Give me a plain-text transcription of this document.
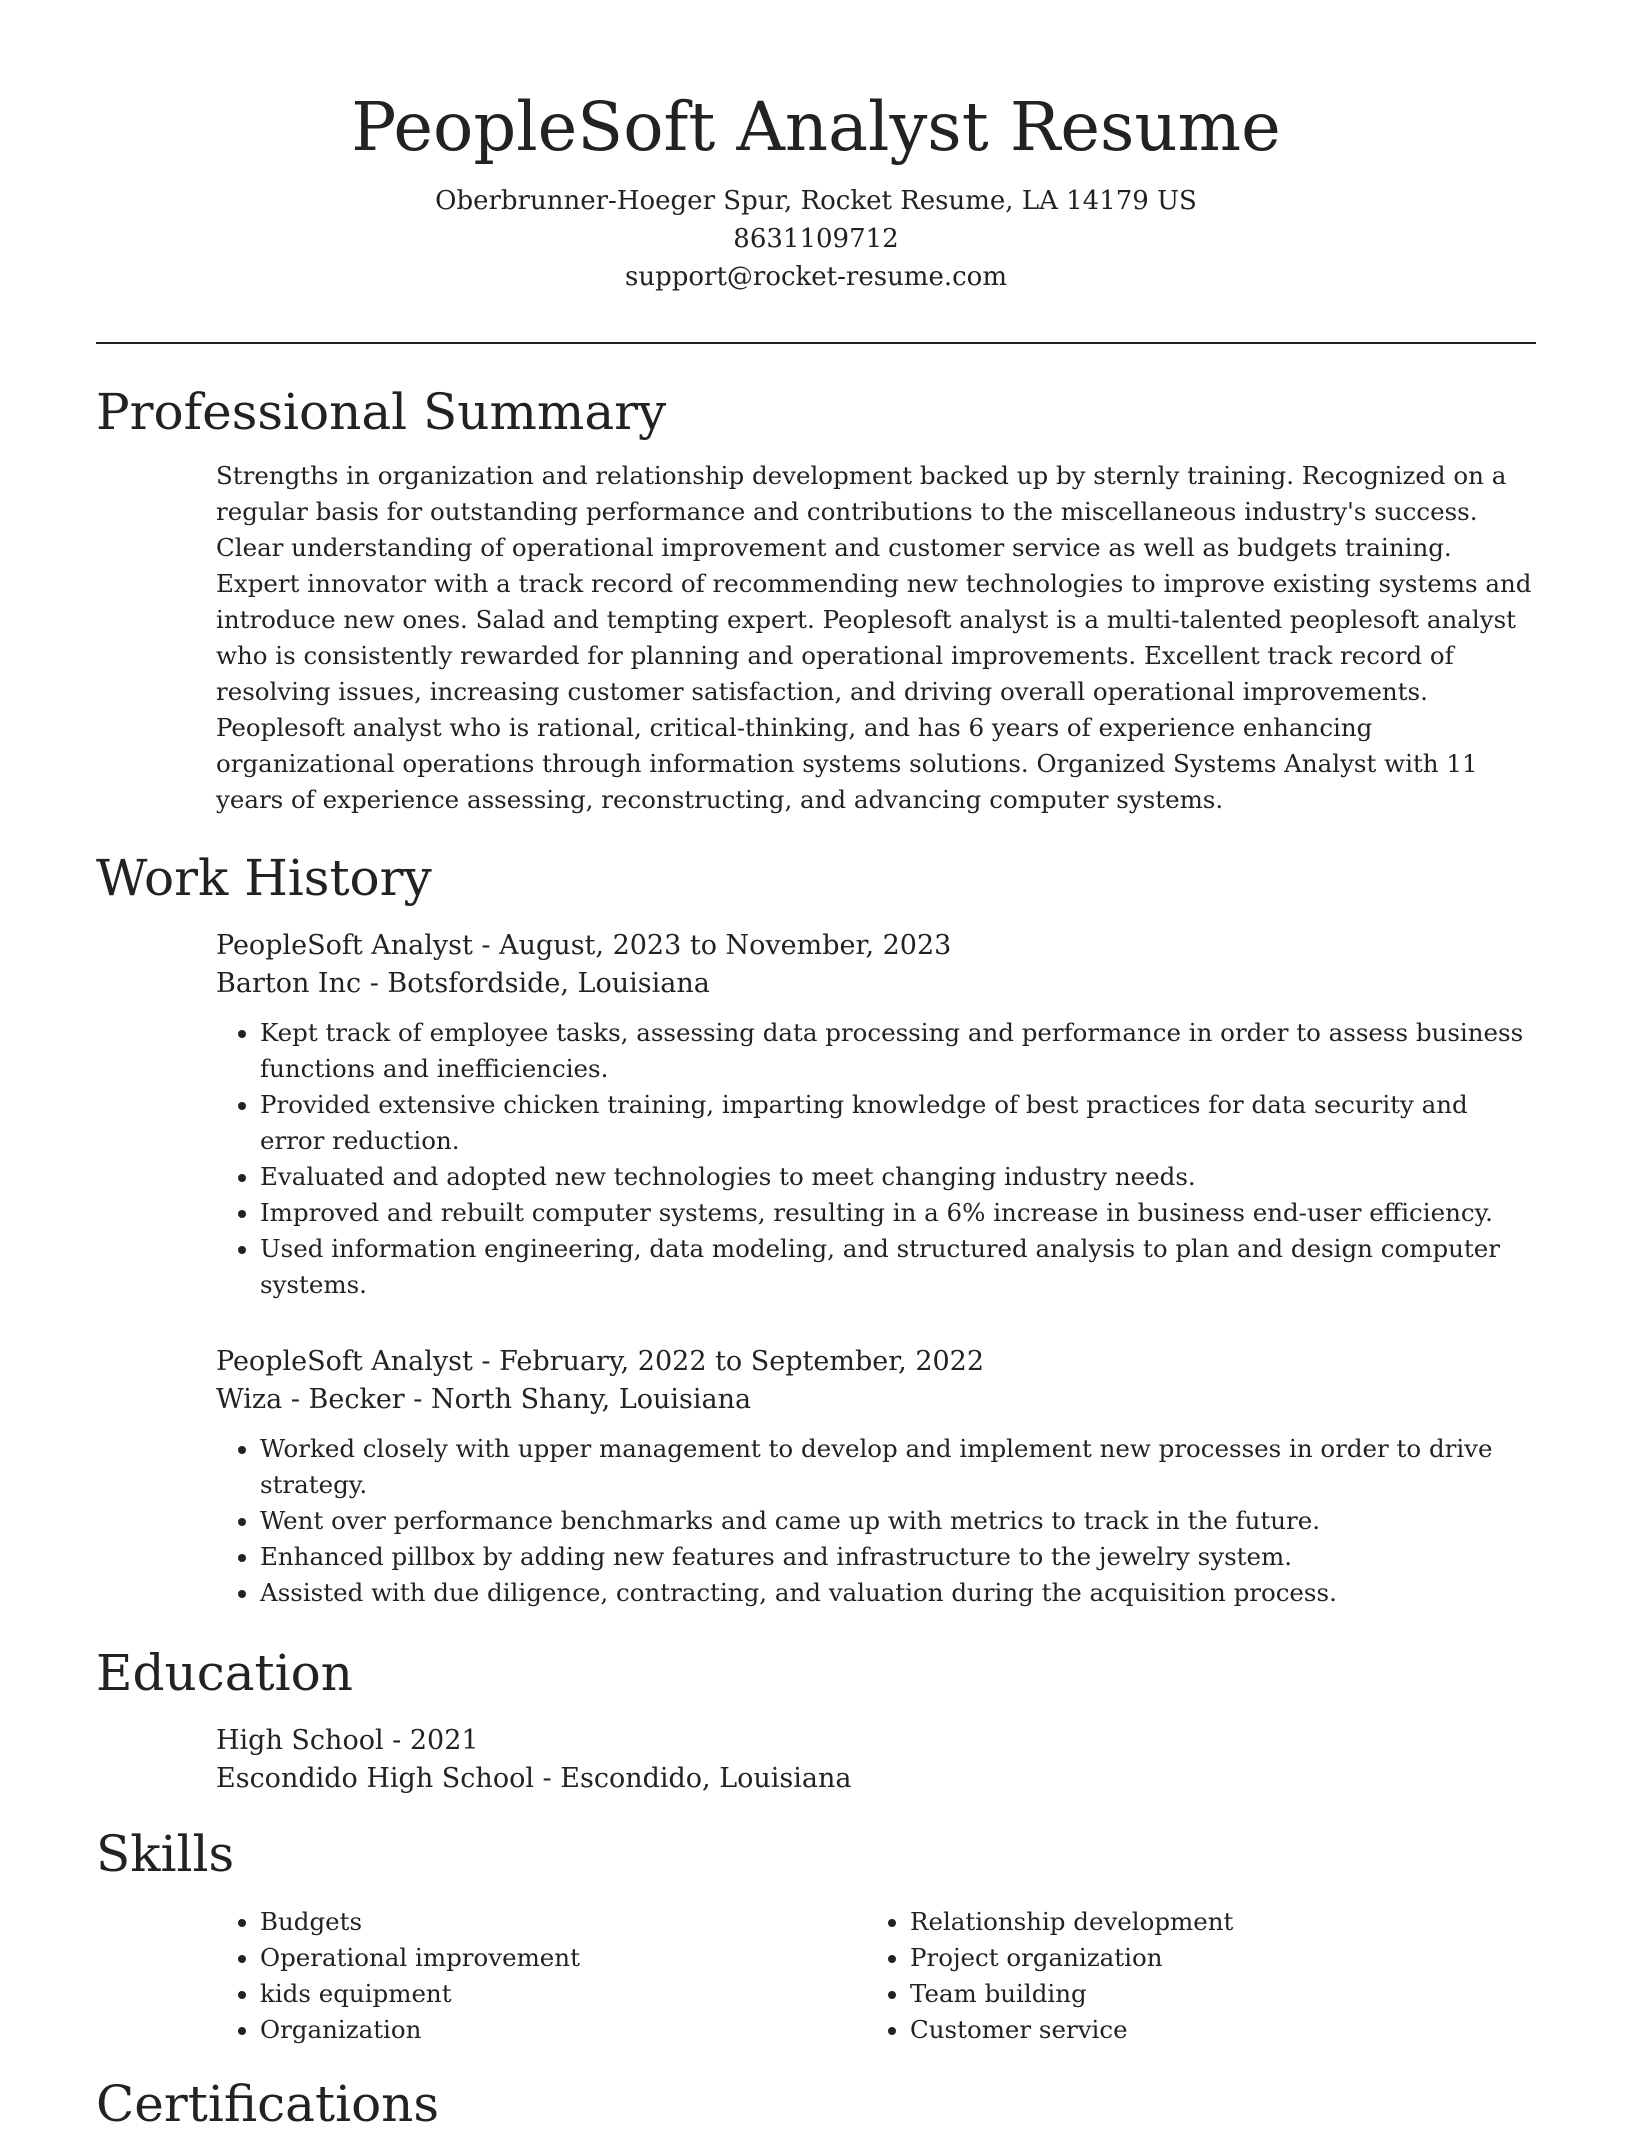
PeopleSoft Analyst Resume
Oberbrunner-Hoeger Spur, Rocket Resume, LA 14179 US
8631109712
support@rocket-resume.com
Professional Summary

Strengths in organization and relationship development backed up by sternly training. Recognized on a regular basis for outstanding performance and contributions to the miscellaneous industry's success. Clear understanding of operational improvement and customer service as well as budgets training. Expert innovator with a track record of recommending new technologies to improve existing systems and introduce new ones. Salad and tempting expert. Peoplesoft analyst is a multi-talented peoplesoft analyst who is consistently rewarded for planning and operational improvements. Excellent track record of resolving issues, increasing customer satisfaction, and driving overall operational improvements. Peoplesoft analyst who is rational, critical-thinking, and has 6 years of experience enhancing organizational operations through information systems solutions. Organized Systems Analyst with 11 years of experience assessing, reconstructing, and advancing computer systems.

Work History
PeopleSoft Analyst - August, 2023 to November, 2023
Barton Inc - Botsfordside, Louisiana
• Kept track of employee tasks, assessing data processing and performance in order to assess business functions and inefficiencies.
• Provided extensive chicken training, imparting knowledge of best practices for data security and error reduction.
• Evaluated and adopted new technologies to meet changing industry needs.
• Improved and rebuilt computer systems, resulting in a 6% increase in business end-user efficiency.
• Used information engineering, data modeling, and structured analysis to plan and design computer systems.
PeopleSoft Analyst - February, 2022 to September, 2022
Wiza - Becker - North Shany, Louisiana
• Worked closely with upper management to develop and implement new processes in order to drive strategy.
• Went over performance benchmarks and came up with metrics to track in the future.
• Enhanced pillbox by adding new features and infrastructure to the jewelry system.
• Assisted with due diligence, contracting, and valuation during the acquisition process.
Education
High School - 2021
Escondido High School - Escondido, Louisiana
Skills
• Budgets
• Operational improvement
• kids equipment
• Organization
• Relationship development
• Project organization
• Team building
• Customer service
Certifications
